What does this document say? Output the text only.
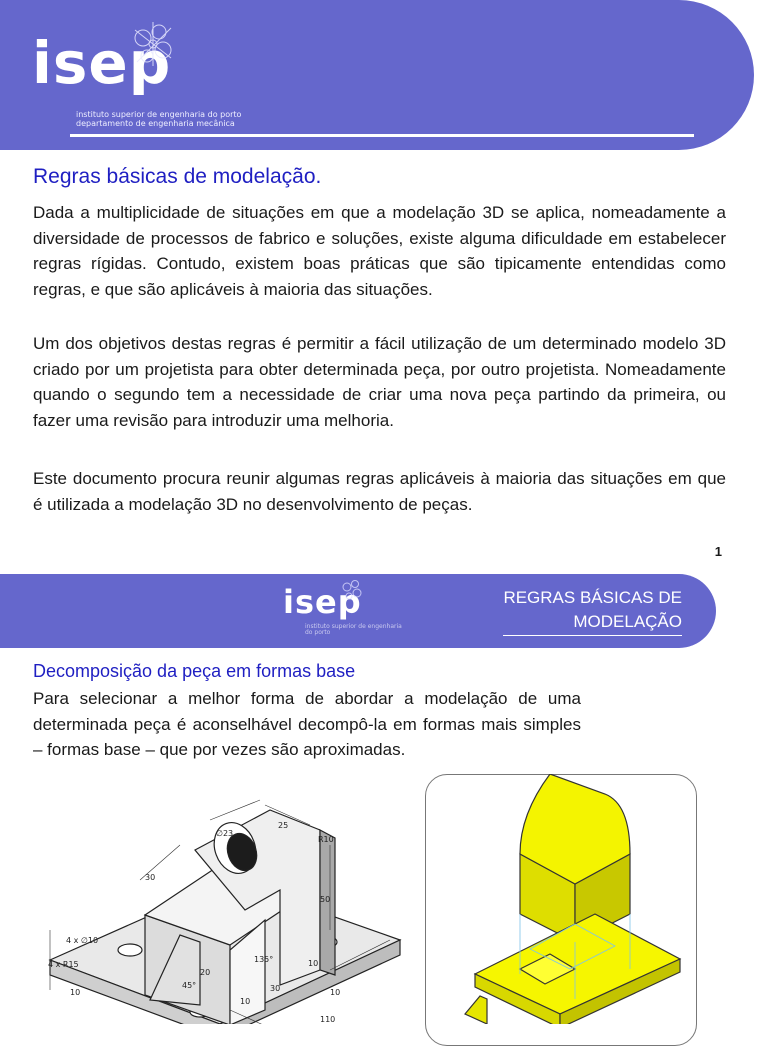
isep
instituto superior de engenharia do porto
departamento de engenharia mecânica
Regras básicas de modelação.

Dada a multiplicidade de situações em que a modelação 3D se aplica, nomeadamente a diversidade de processos de fabrico e soluções, existe alguma dificuldade em estabelecer regras rígidas. Contudo, existem boas práticas que são tipicamente entendidas como regras, e que são aplicáveis à maioria das situações.

Um dos objetivos destas regras é permitir a fácil utilização de um determinado modelo 3D criado por um projetista para obter determinada peça, por outro projetista. Nomeadamente quando o segundo tem a necessidade de criar uma nova peça partindo da primeira, ou fazer uma revisão para introduzir uma melhoria.

Este documento procura reunir algumas regras aplicáveis à maioria das situações em que é utilizada a modelação 3D no desenvolvimento de peças.

1
isep
instituto superior de engenharia do porto
REGRAS BÁSICAS DE

MODELAÇÃO
Decomposição da peça em formas base

Para selecionar a melhor forma de abordar a modelação de uma determinada peça é aconselhável decompô-la em formas mais simples – formas base – que por vezes são aproximadas.

4 x ∅10
4 x R15
∅23
25
R10
30
50
135°	10
20
45°
10
30	10
110
10
